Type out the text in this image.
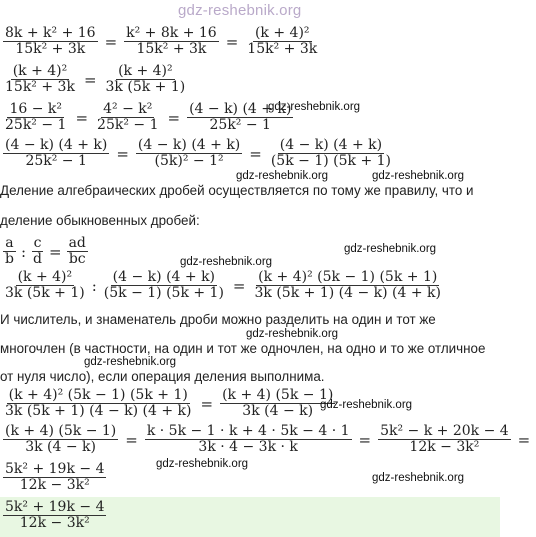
gdz-reshebnik.org
$\frac{\text{8k + k² + 16}}{\text{15k² + 3k}} = \frac{\text{k² + 8k + 16}}{\text{15k² + 3k}} = \frac{\text{(k + 4)²}}{\text{15k² + 3k}}$
$\frac{\text{(k + 4)²}}{\text{15k² + 3k}} = \frac{\text{(k + 4)²}}{3k (5k + 1)}$
gdz-reshebnik.org
$\frac{\text{16 − k²}}{\text{25k² − 1}} = \frac{\text{4² − k²}}{\text{25k² − 1}} = \frac{(4 - k) (4 + k)}{\text{25k² − 1}}$
$\frac{(4 - k) (4 + k)}{\text{25k² − 1}} = \frac{(4 - k) (4 + k)}{\text{(5k)² − 1²}} = \frac{(4 - k) (4 + k)}{(5k - 1) (5k + 1)}$
gdz-reshebnik.org	gdz-reshebnik.org
Деление алгебраических дробей осуществляется по тому же правилу, что и
деление обыкновенных дробей:
$\frac{a}{b}$ : $\frac{c}{d} = \frac{ad}{bc}$	gdz-reshebnik.org
gdz-reshebnik.org
$\frac{\text{(k + 4)²}}{3k (5k + 1)}$ : $\frac{(4 - k) (4 + k)}{(5k - 1) (5k + 1)} = \frac{\text{(k + 4)² (5k − 1) (5k + 1)}}{3k (5k + 1) (4 - k) (4 + k)}$
И числитель, и знаменатель дроби можно разделить на один и тот же
gdz-reshebnik.org
многочлен (в частности, на один и тот же одночлен, на одно и то же отличное
gdz-reshebnik.org
от нуля число), если операция деления выполнима.
$\frac{\text{(k + 4)² (5k − 1) (5k + 1)}}{3k (5k + 1) (4 - k) (4 + k)} = \frac{(k + 4) (5k - 1)}{3k (4 - k)}$
gdz-reshebnik.org
$\frac{(k + 4) (5k - 1)}{3k (4 - k)} = \frac{k \cdot 5k - 1 \cdot k + 4 \cdot 5k - 4 \cdot 1}{3k \cdot 4 - 3k \cdot k} = \frac{\text{5k² − k + 20k − 4}}{\text{12k − 3k²}}$ =
gdz-reshebnik.org
$\frac{\text{5k² + 19k − 4}}{\text{12k − 3k²}}$	gdz-reshebnik.org
$\frac{\text{5k² + 19k − 4}}{\text{12k − 3k²}}$
